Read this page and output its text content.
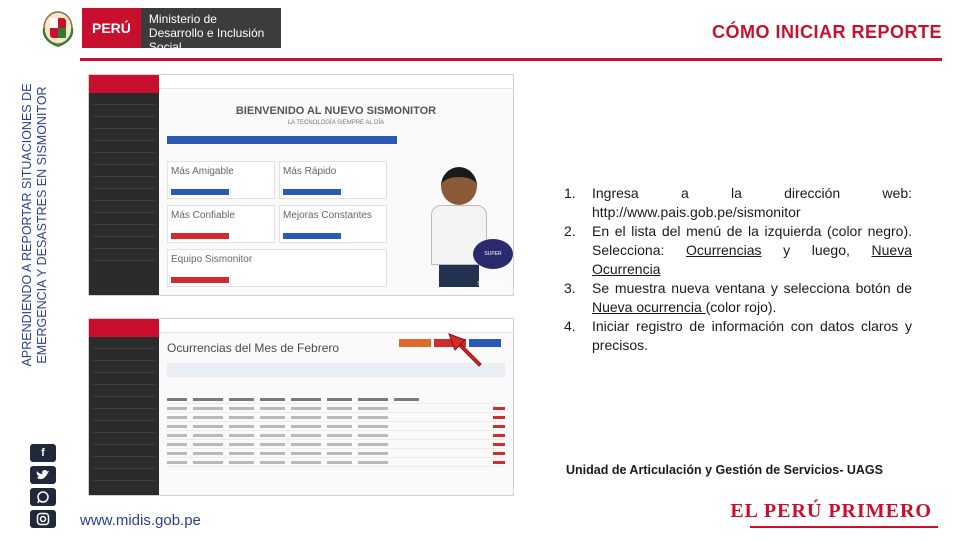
PERÚ
Ministerio de Desarrollo e Inclusión Social
CÓMO INICIAR REPORTE
APRENDIENDO A REPORTAR SITUACIONES DE EMERGENCIA Y DESASTRES EN SISMONITOR
f
BIENVENIDO AL NUEVO SISMONITOR
LA TECNOLOGÍA SIEMPRE AL DÍA
Más Amigable	Más Rápido
Más Confiable	Mejoras Constantes
Equipo Sismonitor	SUPER SISMONITOR
Ocurrencias del Mes de Febrero
1.	Ingresa a la dirección web: http://www.pais.gob.pe/sismonitor
2.	En el lista del menú de la izquierda (color negro). Selecciona: Ocurrencias y luego, Nueva Ocurrencia
3.	Se muestra nueva ventana y selecciona botón de Nueva ocurrencia (color rojo).
4.	Iniciar registro de información con datos claros y precisos.
Unidad de Articulación y Gestión de Servicios- UAGS
www.midis.gob.pe	EL PERÚ PRIMERO
